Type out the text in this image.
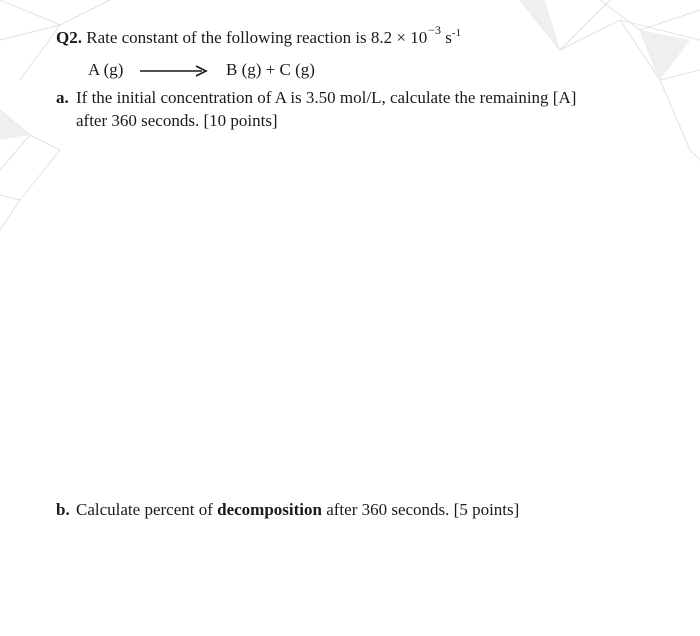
Q2. Rate constant of the following reaction is $8.2 \times 10^{-3}$ $s^{-1}$
A (g)	B (g) + C (g)
a. If the initial concentration of A is 3.50 mol/L, calculate the remaining [A]
after 360 seconds. [10 points]
b. Calculate percent of decomposition after 360 seconds. [5 points]
